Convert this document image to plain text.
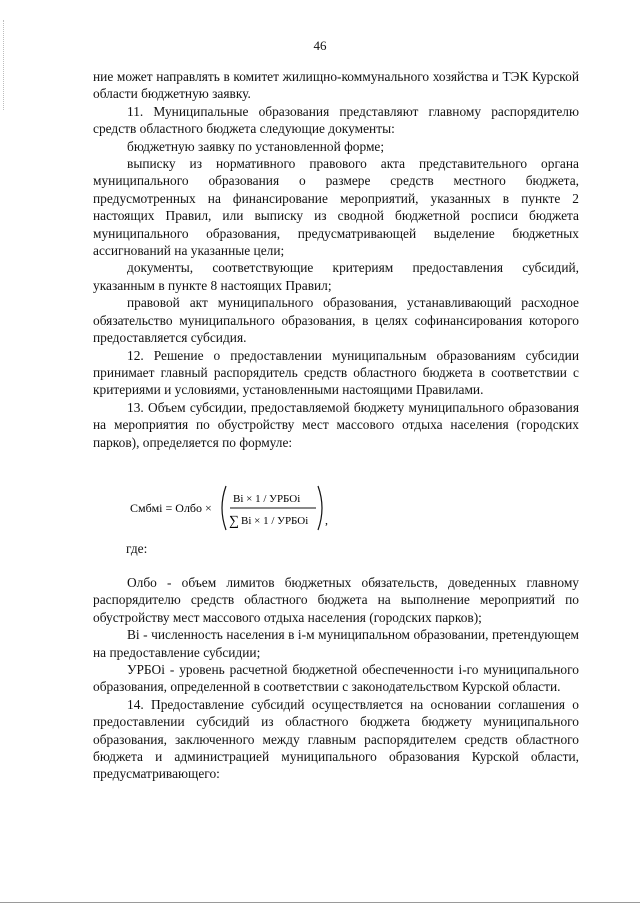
46

ние может направлять в комитет жилищно-коммунального хозяйства и ТЭК Курской области бюджетную заявку.

11. Муниципальные образования представляют главному распорядителю средств областного бюджета следующие документы:

бюджетную заявку по установленной форме;

выписку из нормативного правового акта представительного органа муниципального образования о размере средств местного бюджета, предусмотренных на финансирование мероприятий, указанных в пункте 2 настоящих Правил, или выписку из сводной бюджетной росписи бюджета муниципального образования, предусматривающей выделение бюджетных ассигнований на указанные цели;

документы, соответствующие критериям предоставления субсидий, указанным в пункте 8 настоящих Правил;

правовой акт муниципального образования, устанавливающий расходное обязательство муниципального образования, в целях софинансирования которого предоставляется субсидия.

12. Решение о предоставлении муниципальным образованиям субсидии принимает главный распорядитель средств областного бюджета в соответствии с критериями и условиями, установленными настоящими Правилами.

13. Объем субсидии, предоставляемой бюджету муниципального образования на мероприятия по обустройству мест массового отдыха населения (городских парков), определяется по формуле:

Смбмi = Олбо ×
Bi × 1 / УРБОi
∑ Bi × 1 / УРБОi ,
где:

Олбо - объем лимитов бюджетных обязательств, доведенных главному распорядителю средств областного бюджета на выполнение мероприятий по обустройству мест массового отдыха населения (городских парков);

Вi - численность населения в i-м муниципальном образовании, претендующем на предоставление субсидии;

УРБОi - уровень расчетной бюджетной обеспеченности i-го муниципального образования, определенной в соответствии с законодательством Курской области.

14. Предоставление субсидий осуществляется на основании соглашения о предоставлении субсидий из областного бюджета бюджету муниципального образования, заключенного между главным распорядителем средств областного бюджета и администрацией муниципального образования Курской области, предусматривающего:
